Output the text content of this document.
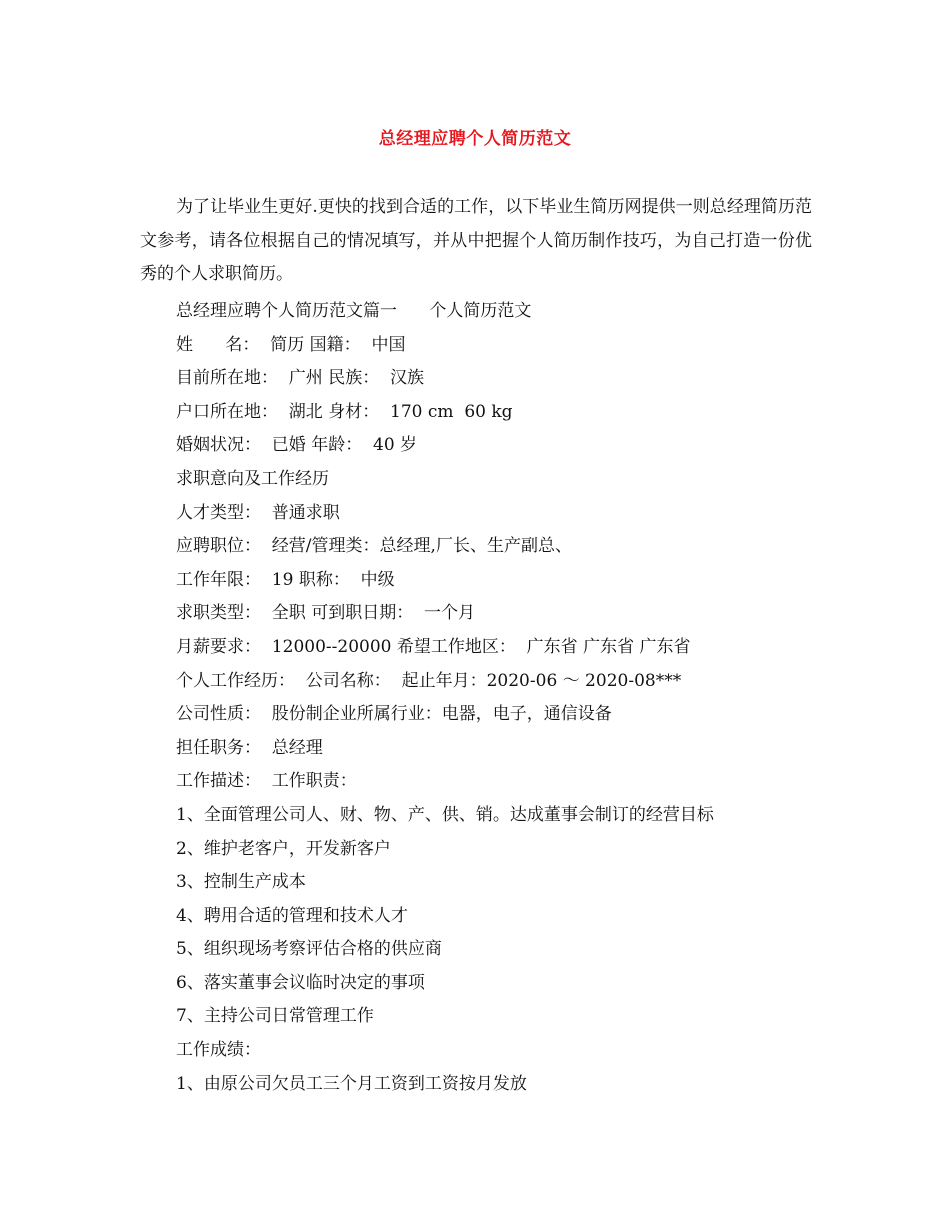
总经理应聘个人简历范文

为了让毕业生更好.更快的找到合适的工作，以下毕业生简历网提供一则总经理简历范文参考，请各位根据自己的情况填写，并从中把握个人简历制作技巧，为自己打造一份优秀的个人求职简历。

总经理应聘个人简历范文篇一      个人简历范文
姓      名：  简历 国籍：  中国
目前所在地：  广州 民族：  汉族
户口所在地：  湖北 身材：  170 cm  60 kg
婚姻状况：  已婚 年龄：  40 岁
求职意向及工作经历
人才类型：  普通求职
应聘职位：  经营/管理类：总经理,厂长、生产副总、
工作年限：  19 职称：  中级
求职类型：  全职 可到职日期：  一个月
月薪要求：  12000--20000 希望工作地区：  广东省 广东省 广东省
个人工作经历：  公司名称：  起止年月：2020-06 ～ 2020-08***
公司性质：  股份制企业所属行业：电器，电子，通信设备
担任职务：  总经理
工作描述：  工作职责：
1、全面管理公司人、财、物、产、供、销。达成董事会制订的经营目标
2、维护老客户，开发新客户
3、控制生产成本
4、聘用合适的管理和技术人才
5、组织现场考察评估合格的供应商
6、落实董事会议临时决定的事项
7、主持公司日常管理工作
工作成绩：
1、由原公司欠员工三个月工资到工资按月发放
